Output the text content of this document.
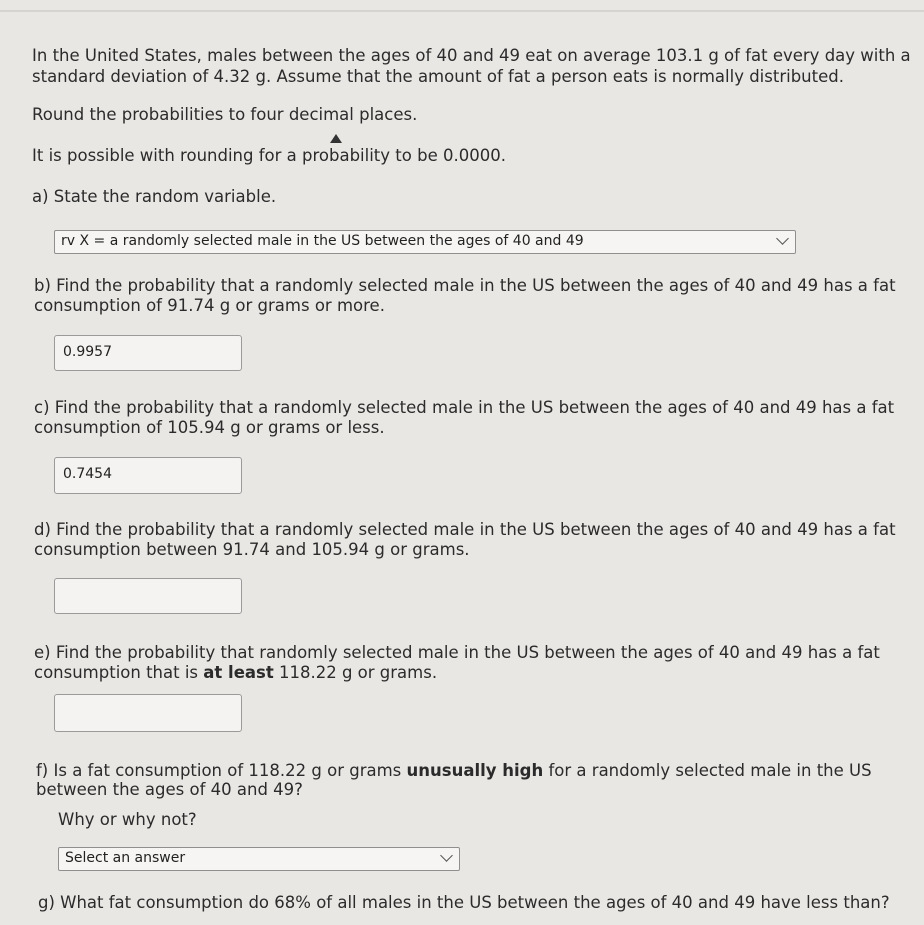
In the United States, males between the ages of 40 and 49 eat on average 103.1 g of fat every day with a
standard deviation of 4.32 g. Assume that the amount of fat a person eats is normally distributed.
Round the probabilities to four decimal places.
It is possible with rounding for a probability to be 0.0000.
a) State the random variable.
rv X = a randomly selected male in the US between the ages of 40 and 49
b) Find the probability that a randomly selected male in the US between the ages of 40 and 49 has a fat
consumption of 91.74 g or grams or more.
0.9957
c) Find the probability that a randomly selected male in the US between the ages of 40 and 49 has a fat
consumption of 105.94 g or grams or less.
0.7454
d) Find the probability that a randomly selected male in the US between the ages of 40 and 49 has a fat
consumption between 91.74 and 105.94 g or grams.
e) Find the probability that randomly selected male in the US between the ages of 40 and 49 has a fat
consumption that is at least 118.22 g or grams.
f) Is a fat consumption of 118.22 g or grams unusually high for a randomly selected male in the US
between the ages of 40 and 49?
Why or why not?
Select an answer
g) What fat consumption do 68% of all males in the US between the ages of 40 and 49 have less than?
